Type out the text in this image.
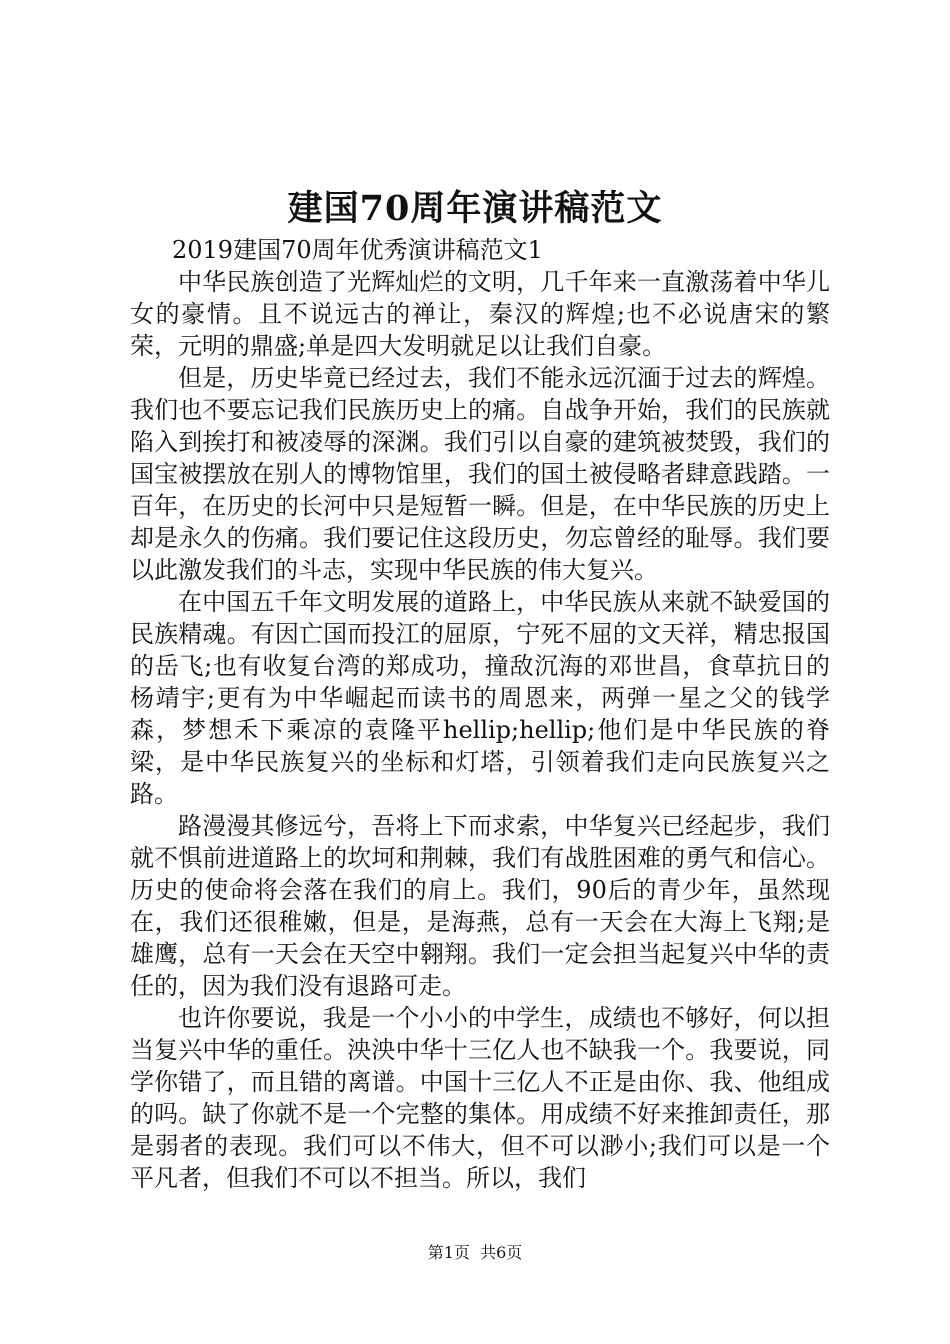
建国70周年演讲稿范文

2019建国70周年优秀演讲稿范文1

中华民族创造了光辉灿烂的文明，几千年来一直激荡着中华儿女的豪情。且不说远古的禅让，秦汉的辉煌;也不必说唐宋的繁荣，元明的鼎盛;单是四大发明就足以让我们自豪。

但是，历史毕竟已经过去，我们不能永远沉湎于过去的辉煌。我们也不要忘记我们民族历史上的痛。自战争开始，我们的民族就陷入到挨打和被凌辱的深渊。我们引以自豪的建筑被焚毁，我们的国宝被摆放在别人的博物馆里，我们的国土被侵略者肆意践踏。一百年，在历史的长河中只是短暂一瞬。但是，在中华民族的历史上却是永久的伤痛。我们要记住这段历史，勿忘曾经的耻辱。我们要以此激发我们的斗志，实现中华民族的伟大复兴。

在中国五千年文明发展的道路上，中华民族从来就不缺爱国的民族精魂。有因亡国而投江的屈原，宁死不屈的文天祥，精忠报国的岳飞;也有收复台湾的郑成功，撞敌沉海的邓世昌，食草抗日的杨靖宇;更有为中华崛起而读书的周恩来，两弹一星之父的钱学森，梦想禾下乘凉的袁隆平hellip;hellip;他们是中华民族的脊梁，是中华民族复兴的坐标和灯塔，引领着我们走向民族复兴之路。

路漫漫其修远兮，吾将上下而求索，中华复兴已经起步，我们就不惧前进道路上的坎坷和荆棘，我们有战胜困难的勇气和信心。历史的使命将会落在我们的肩上。我们，90后的青少年，虽然现在，我们还很稚嫩，但是，是海燕，总有一天会在大海上飞翔;是雄鹰，总有一天会在天空中翱翔。我们一定会担当起复兴中华的责任的，因为我们没有退路可走。

也许你要说，我是一个小小的中学生，成绩也不够好，何以担当复兴中华的重任。泱泱中华十三亿人也不缺我一个。我要说，同学你错了，而且错的离谱。中国十三亿人不正是由你、我、他组成的吗。缺了你就不是一个完整的集体。用成绩不好来推卸责任，那是弱者的表现。我们可以不伟大，但不可以渺小;我们可以是一个平凡者，但我们不可以不担当。所以，我们

第1页  共6页
